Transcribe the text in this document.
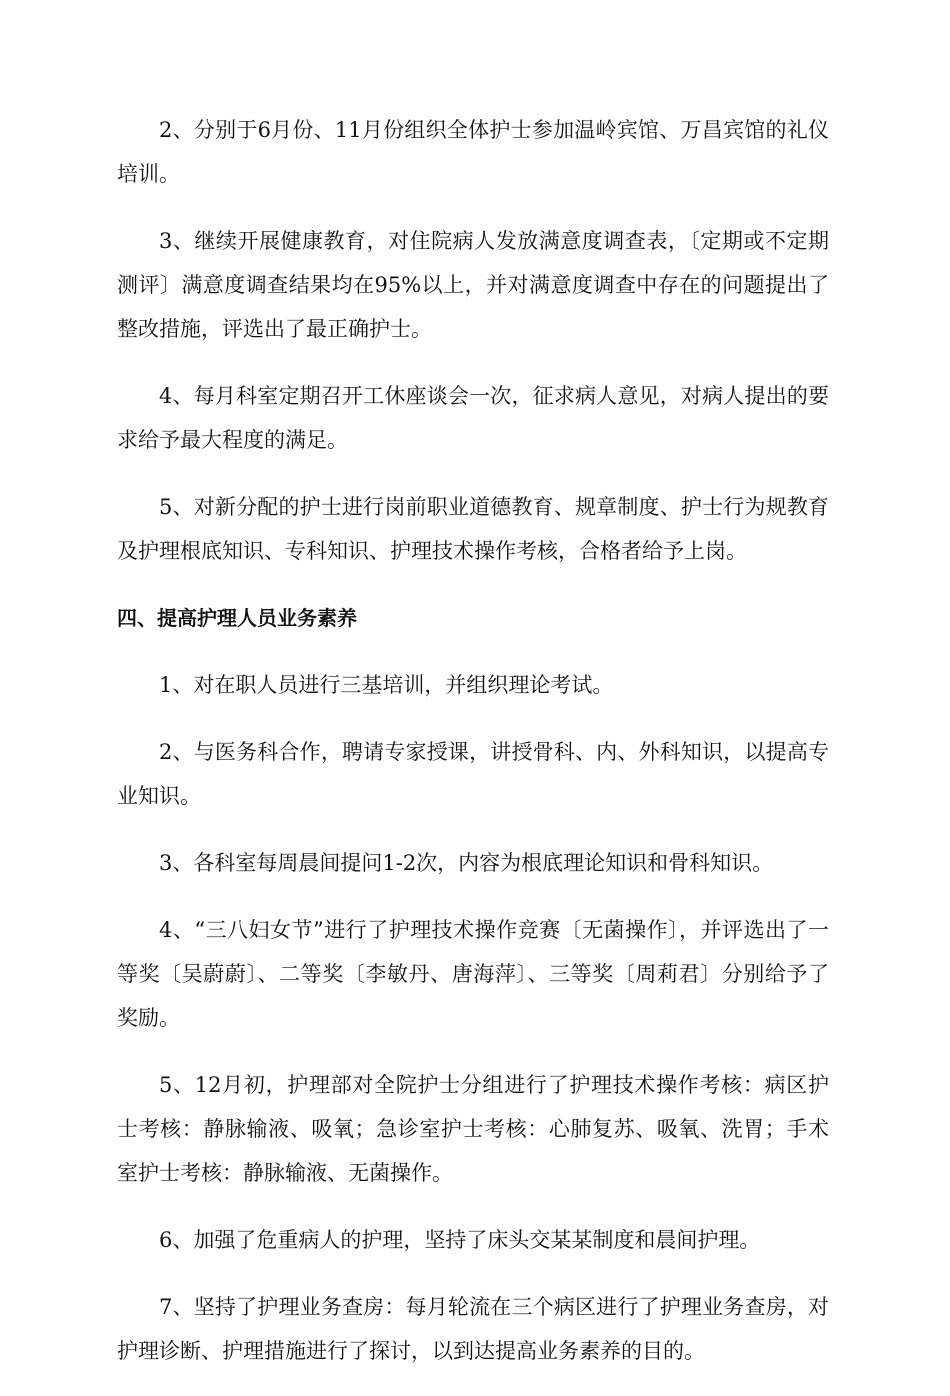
2、分别于6月份、11月份组织全体护士参加温岭宾馆、万昌宾馆的礼仪培训。

3、继续开展健康教育，对住院病人发放满意度调查表，〔定期或不定期测评〕满意度调查结果均在95%以上，并对满意度调查中存在的问题提出了整改措施，评选出了最正确护士。

4、每月科室定期召开工休座谈会一次，征求病人意见，对病人提出的要求给予最大程度的满足。

5、对新分配的护士进行岗前职业道德教育、规章制度、护士行为规教育及护理根底知识、专科知识、护理技术操作考核，合格者给予上岗。

四、提高护理人员业务素养

1、对在职人员进行三基培训，并组织理论考试。

2、与医务科合作，聘请专家授课，讲授骨科、内、外科知识，以提高专业知识。

3、各科室每周晨间提问1-2次，内容为根底理论知识和骨科知识。

4、“三八妇女节”进行了护理技术操作竞赛〔无菌操作〕，并评选出了一等奖〔吴蔚蔚〕、二等奖〔李敏丹、唐海萍〕、三等奖〔周莉君〕分别给予了奖励。

5、12月初，护理部对全院护士分组进行了护理技术操作考核：病区护士考核：静脉输液、吸氧；急诊室护士考核：心肺复苏、吸氧、洗胃；手术室护士考核：静脉输液、无菌操作。

6、加强了危重病人的护理，坚持了床头交某某制度和晨间护理。

7、坚持了护理业务查房：每月轮流在三个病区进行了护理业务查房，对护理诊断、护理措施进行了探讨，以到达提高业务素养的目的。
